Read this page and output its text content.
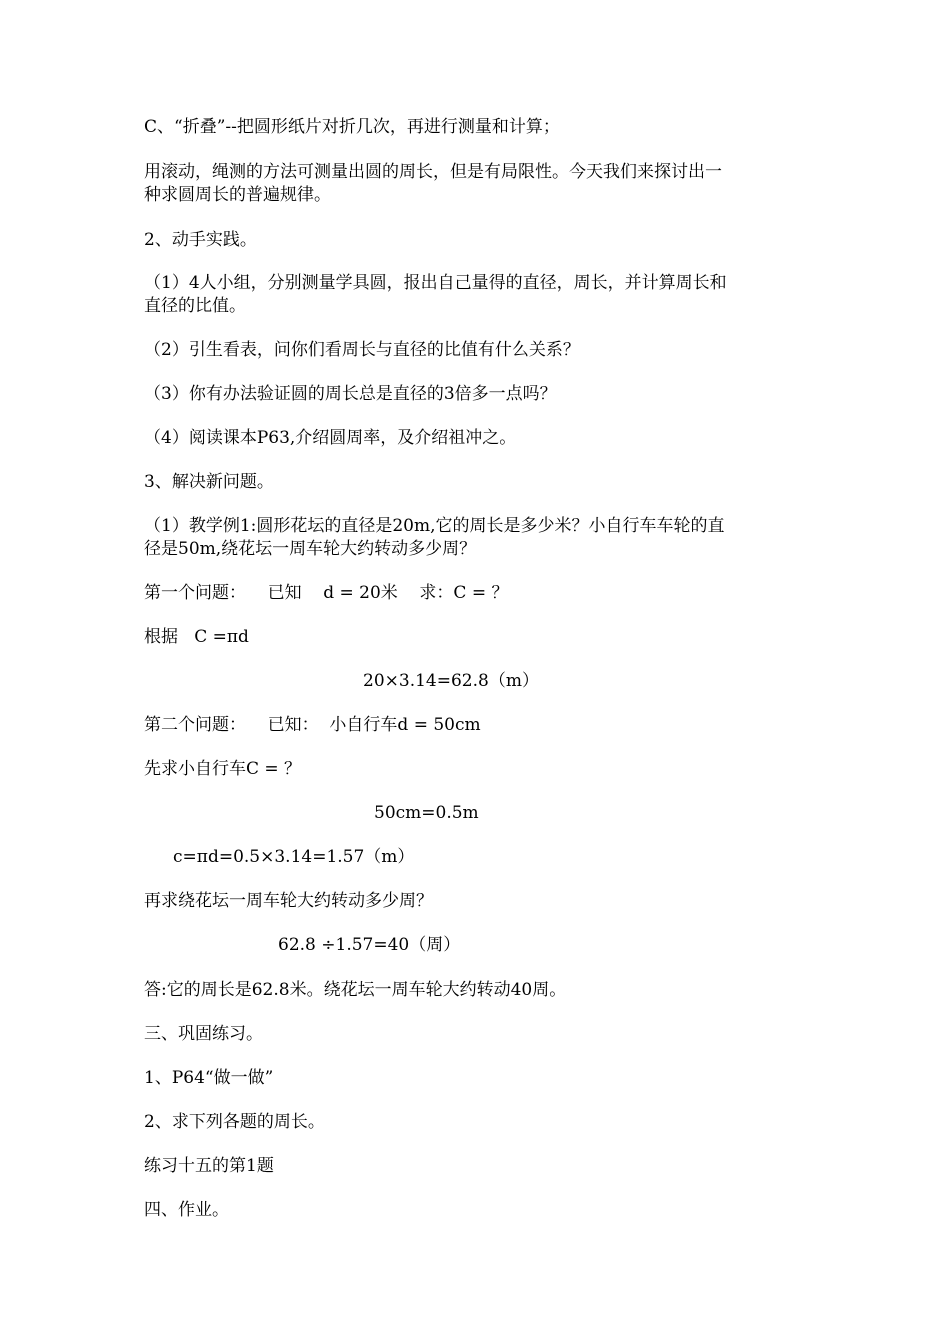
C、“折叠”--把圆形纸片对折几次，再进行测量和计算；

用滚动，绳测的方法可测量出圆的周长，但是有局限性。今天我们来探讨出一

种求圆周长的普遍规律。

2、动手实践。

（1）4人小组，分别测量学具圆，报出自己量得的直径，周长，并计算周长和

直径的比值。

（2）引生看表，问你们看周长与直径的比值有什么关系？

（3）你有办法验证圆的周长总是直径的3倍多一点吗？

（4）阅读课本P63,介绍圆周率，及介绍祖冲之。

3、解决新问题。

（1）教学例1:圆形花坛的直径是20m,它的周长是多少米？小自行车车轮的直

径是50m,绕花坛一周车轮大约转动多少周？

第一个问题：    已知    d = 20米    求：C = ？

根据   C =πd

20×3.14=62.8（m）

第二个问题：    已知：  小自行车d = 50cm

先求小自行车C = ？

50cm=0.5m

c=πd=0.5×3.14=1.57（m）

再求绕花坛一周车轮大约转动多少周？

62.8 ÷1.57=40（周）

答:它的周长是62.8米。绕花坛一周车轮大约转动40周。

三、巩固练习。

1、P64“做一做”

2、求下列各题的周长。

练习十五的第1题

四、作业。
